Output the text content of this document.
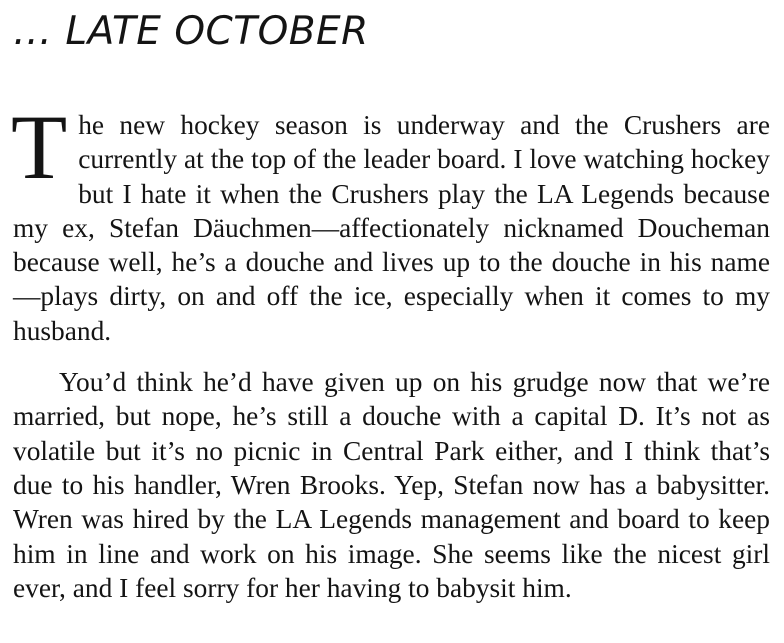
… LATE OCTOBER

The new hockey season is underway and the Crushers are currently at the top of the leader board. I love watching hockey but I hate it when the Crushers play the LA Legends because my ex, Stefan Däuchmen—affectionately nicknamed Doucheman because well, he’s a douche and lives up to the douche in his name—plays dirty, on and off the ice, especially when it comes to my husband.

You’d think he’d have given up on his grudge now that we’re married, but nope, he’s still a douche with a capital D. It’s not as volatile but it’s no picnic in Central Park either, and I think that’s due to his handler, Wren Brooks. Yep, Stefan now has a babysitter. Wren was hired by the LA Legends management and board to keep him in line and work on his image. She seems like the nicest girl ever, and I feel sorry for her having to babysit him.
